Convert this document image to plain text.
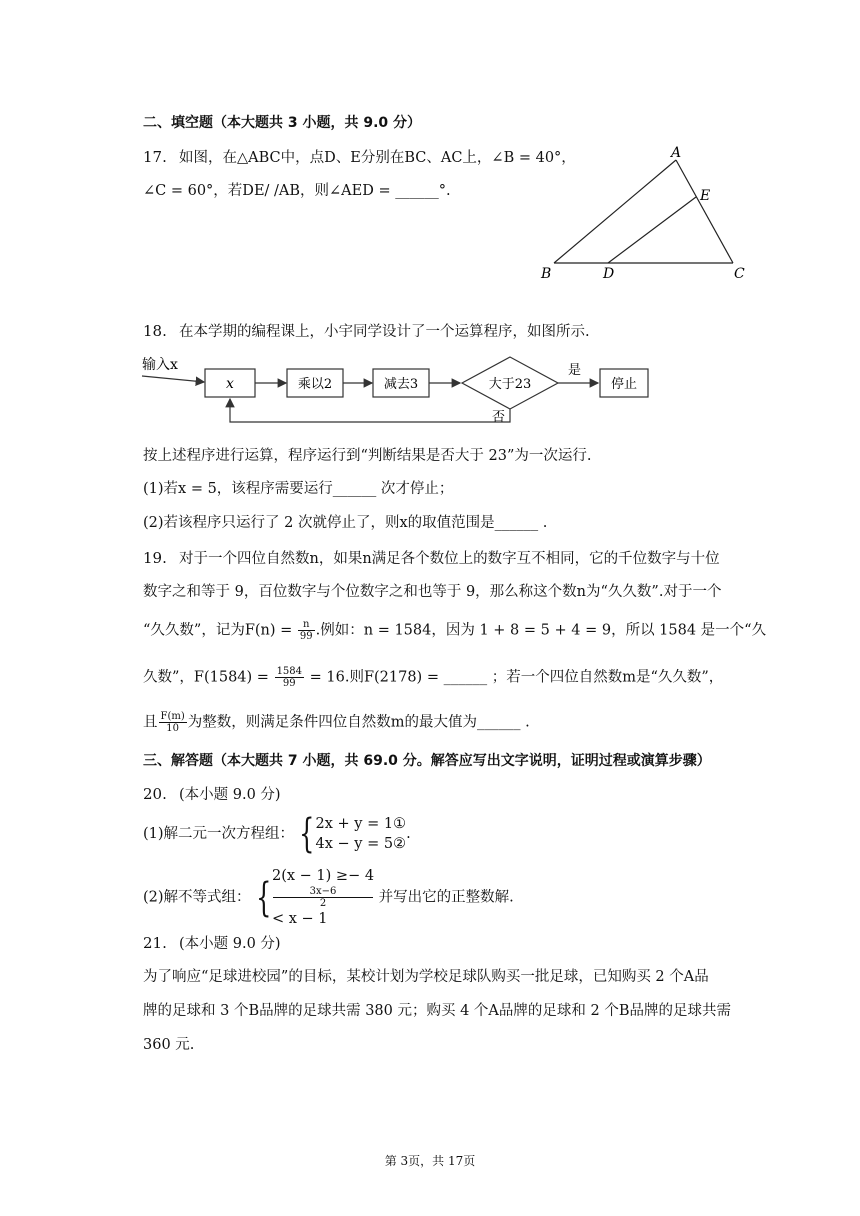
二、填空题（本大题共 3 小题，共 9.0 分）
17. 如图，在△ABC中，点D、E分别在BC、AC上，∠B = 40°，
∠C = 60°，若DE/ /AB，则∠AED = ______°.
A
E
B	D	C
18. 在本学期的编程课上，小宇同学设计了一个运算程序，如图所示.
输入x
x	乘以2	减去3	大于23
是
停止
否
按上述程序进行运算，程序运行到“判断结果是否大于 23”为一次运行.
(1)若x = 5，该程序需要运行______ 次才停止；
(2)若该程序只运行了 2 次就停止了，则x的取值范围是______ .
19. 对于一个四位自然数n，如果n满足各个数位上的数字互不相同，它的千位数字与十位
数字之和等于 9，百位数字与个位数字之和也等于 9，那么称这个数n为“久久数”.对于一个
“久久数”，记为$F(n) = \frac{n}{99}$ .例如：n = 1584，因为 1 + 8 = 5 + 4 = 9，所以 1584 是一个“久
久数”，$F(1584) = \frac{1584}{99} = 16$.则F(2178) = ______ ；若一个四位自然数m是“久久数”，
且 $\frac{F(m)}{10}$ 为整数，则满足条件四位自然数m的最大值为______ .
三、解答题（本大题共 7 小题，共 69.0 分。解答应写出文字说明，证明过程或演算步骤）
20. (本小题 9.0 分)
(1)解二元一次方程组： { 2x + y = 1①
4x − y = 5②
.
(2)解不等式组： { 2(x − 1) ≥− 4
3x−6
2
< x − 1
并写出它的正整数解.
21. (本小题 9.0 分)
为了响应“足球进校园”的目标，某校计划为学校足球队购买一批足球，已知购买 2 个A品
牌的足球和 3 个B品牌的足球共需 380 元；购买 4 个A品牌的足球和 2 个B品牌的足球共需
360 元.
第 3页，共 17页
